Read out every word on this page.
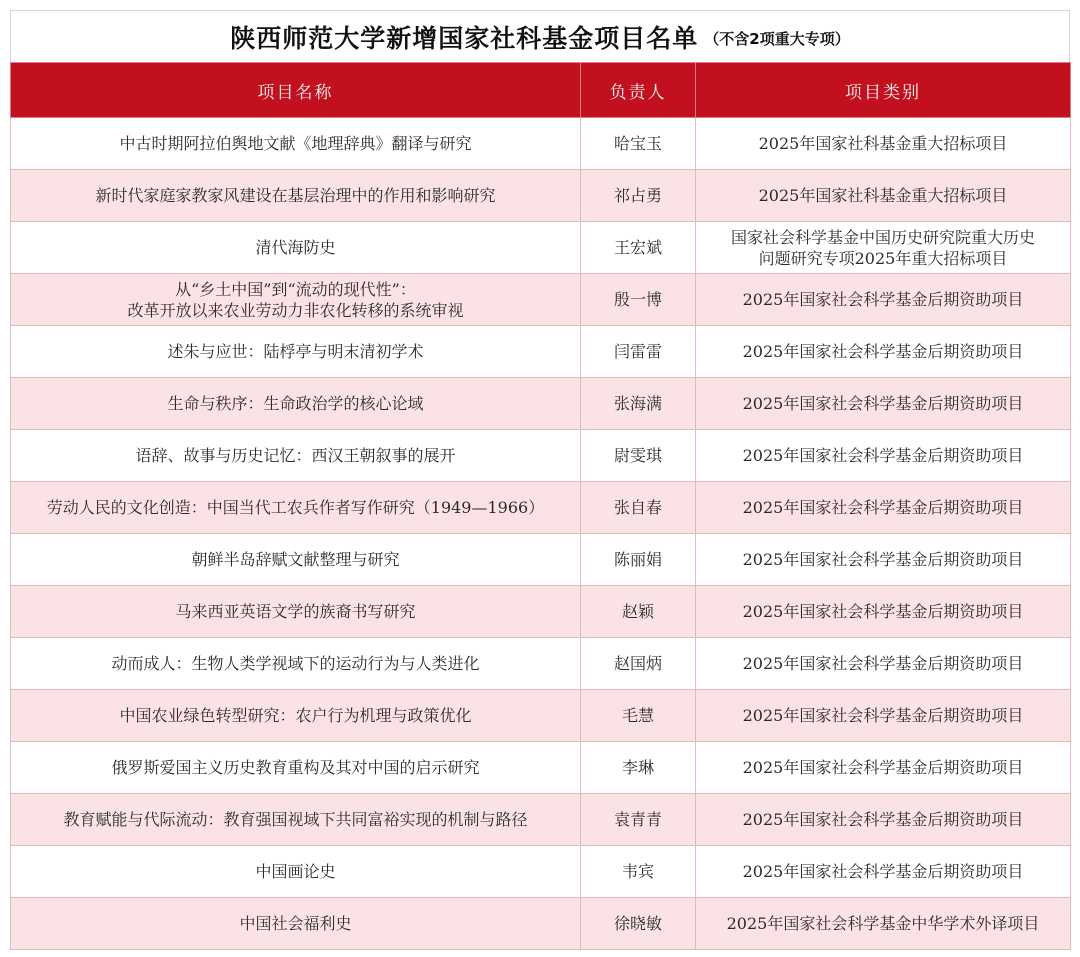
陕西师范大学新增国家社科基金项目名单 （不含2项重大专项）
项目名称	负责人	项目类别

中古时期阿拉伯舆地文献《地理辞典》翻译与研究	哈宝玉	2025年国家社科基金重大招标项目

新时代家庭家教家风建设在基层治理中的作用和影响研究	祁占勇	2025年国家社科基金重大招标项目

清代海防史	王宏斌	国家社会科学基金中国历史研究院重大历史
问题研究专项2025年重大招标项目

从“乡土中国”到“流动的现代性”：
改革开放以来农业劳动力非农化转移的系统审视	殷一博	2025年国家社会科学基金后期资助项目

述朱与应世：陆桴亭与明末清初学术	闫雷雷	2025年国家社会科学基金后期资助项目

生命与秩序：生命政治学的核心论域	张海满	2025年国家社会科学基金后期资助项目

语辞、故事与历史记忆：西汉王朝叙事的展开	尉雯琪	2025年国家社会科学基金后期资助项目

劳动人民的文化创造：中国当代工农兵作者写作研究（1949—1966）	张自春	2025年国家社会科学基金后期资助项目

朝鲜半岛辞赋文献整理与研究	陈丽娟	2025年国家社会科学基金后期资助项目

马来西亚英语文学的族裔书写研究	赵颖	2025年国家社会科学基金后期资助项目

动而成人：生物人类学视域下的运动行为与人类进化	赵国炳	2025年国家社会科学基金后期资助项目

中国农业绿色转型研究：农户行为机理与政策优化	毛慧	2025年国家社会科学基金后期资助项目

俄罗斯爱国主义历史教育重构及其对中国的启示研究	李琳	2025年国家社会科学基金后期资助项目

教育赋能与代际流动：教育强国视域下共同富裕实现的机制与路径	袁青青	2025年国家社会科学基金后期资助项目

中国画论史	韦宾	2025年国家社会科学基金后期资助项目

中国社会福利史	徐晓敏	2025年国家社会科学基金中华学术外译项目
